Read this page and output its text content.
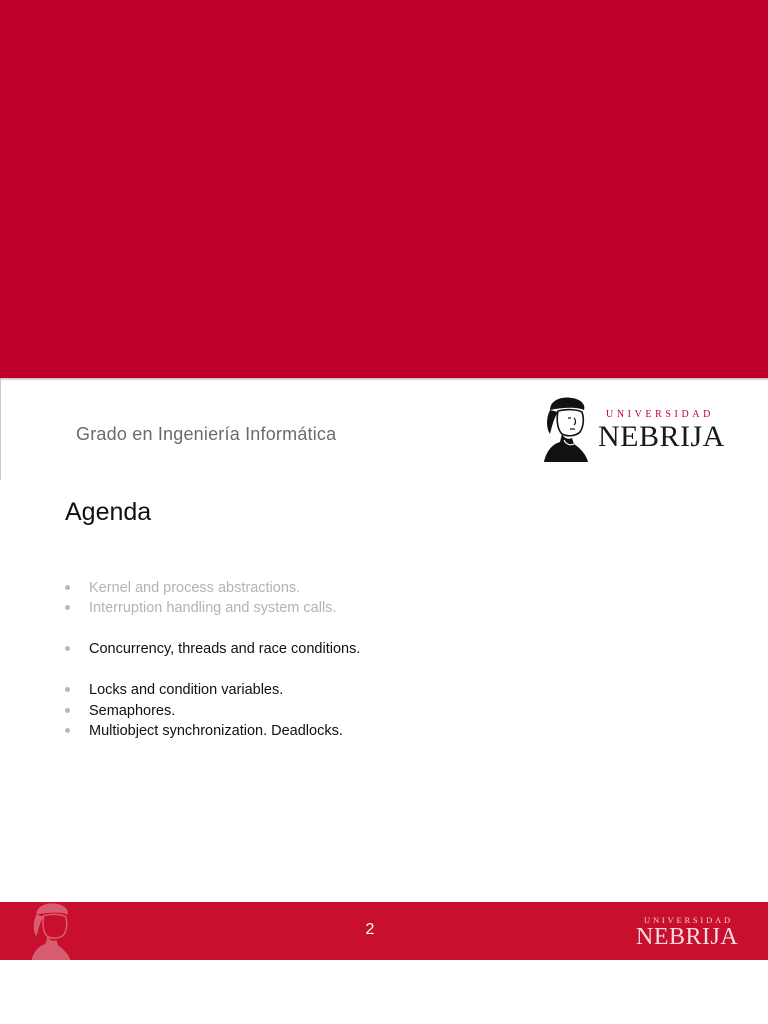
Grado en Ingeniería Informática
UNIVERSIDAD
NEBRIJA
Agenda
Kernel and process abstractions.
Interruption handling and system calls.
Concurrency, threads and race conditions.
Locks and condition variables.
Semaphores.
Multiobject synchronization. Deadlocks.
2
UNIVERSIDAD
NEBRIJA
